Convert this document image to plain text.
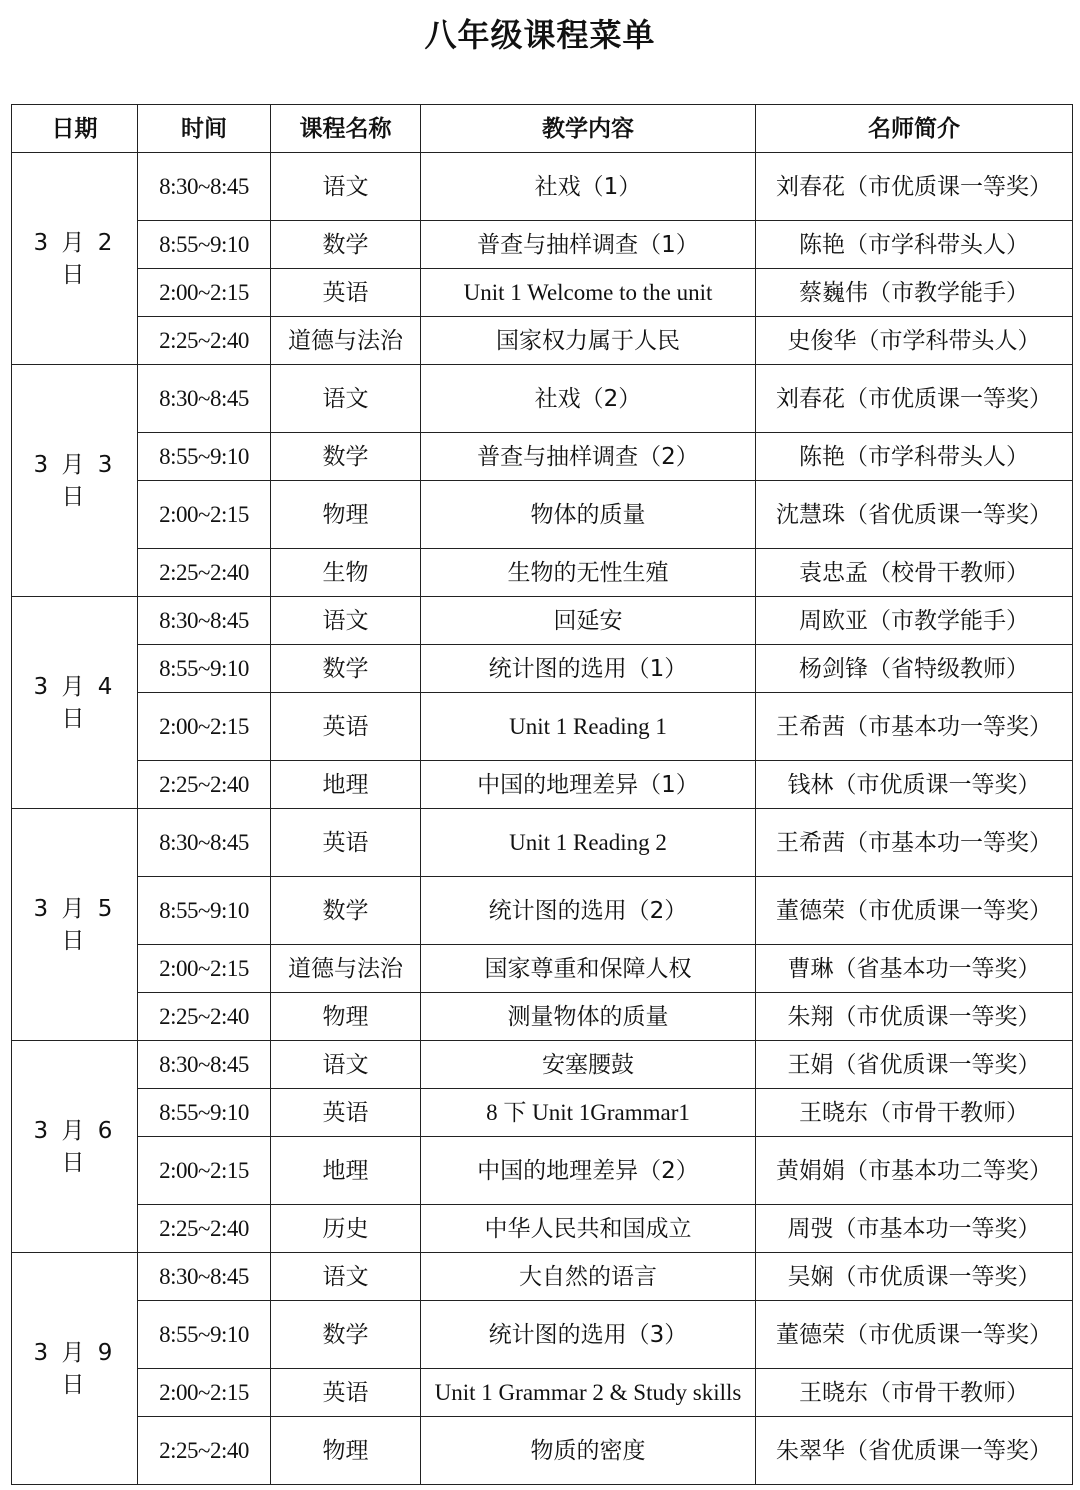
八年级课程菜单
日期	时间	课程名称	教学内容	名师简介
3 月 2 日	8:30~8:45	语文	社戏（1）	刘春花（市优质课一等奖）
	8:55~9:10	数学	普查与抽样调查（1）	陈艳（市学科带头人）
	2:00~2:15	英语	Unit 1 Welcome to the unit	蔡巍伟（市教学能手）
	2:25~2:40	道德与法治	国家权力属于人民	史俊华（市学科带头人）
3 月 3 日	8:30~8:45	语文	社戏（2）	刘春花（市优质课一等奖）
	8:55~9:10	数学	普查与抽样调查（2）	陈艳（市学科带头人）
	2:00~2:15	物理	物体的质量	沈慧珠（省优质课一等奖）
	2:25~2:40	生物	生物的无性生殖	袁忠孟（校骨干教师）
3 月 4 日	8:30~8:45	语文	回延安	周欧亚（市教学能手）
	8:55~9:10	数学	统计图的选用（1）	杨剑锋（省特级教师）
	2:00~2:15	英语	Unit 1 Reading 1	王希茜（市基本功一等奖）
	2:25~2:40	地理	中国的地理差异（1）	钱林（市优质课一等奖）
3 月 5 日	8:30~8:45	英语	Unit 1 Reading 2	王希茜（市基本功一等奖）
	8:55~9:10	数学	统计图的选用（2）	董德荣（市优质课一等奖）
	2:00~2:15	道德与法治	国家尊重和保障人权	曹琳（省基本功一等奖）
	2:25~2:40	物理	测量物体的质量	朱翔（市优质课一等奖）
3 月 6 日	8:30~8:45	语文	安塞腰鼓	王娟（省优质课一等奖）
	8:55~9:10	英语	8 下 Unit 1Grammar1	王晓东（市骨干教师）
	2:00~2:15	地理	中国的地理差异（2）	黄娟娟（市基本功二等奖）
	2:25~2:40	历史	中华人民共和国成立	周弢（市基本功一等奖）
3 月 9 日	8:30~8:45	语文	大自然的语言	吴娴（市优质课一等奖）
	8:55~9:10	数学	统计图的选用（3）	董德荣（市优质课一等奖）
	2:00~2:15	英语	Unit 1 Grammar 2 & Study skills	王晓东（市骨干教师）
	2:25~2:40	物理	物质的密度	朱翠华（省优质课一等奖）
